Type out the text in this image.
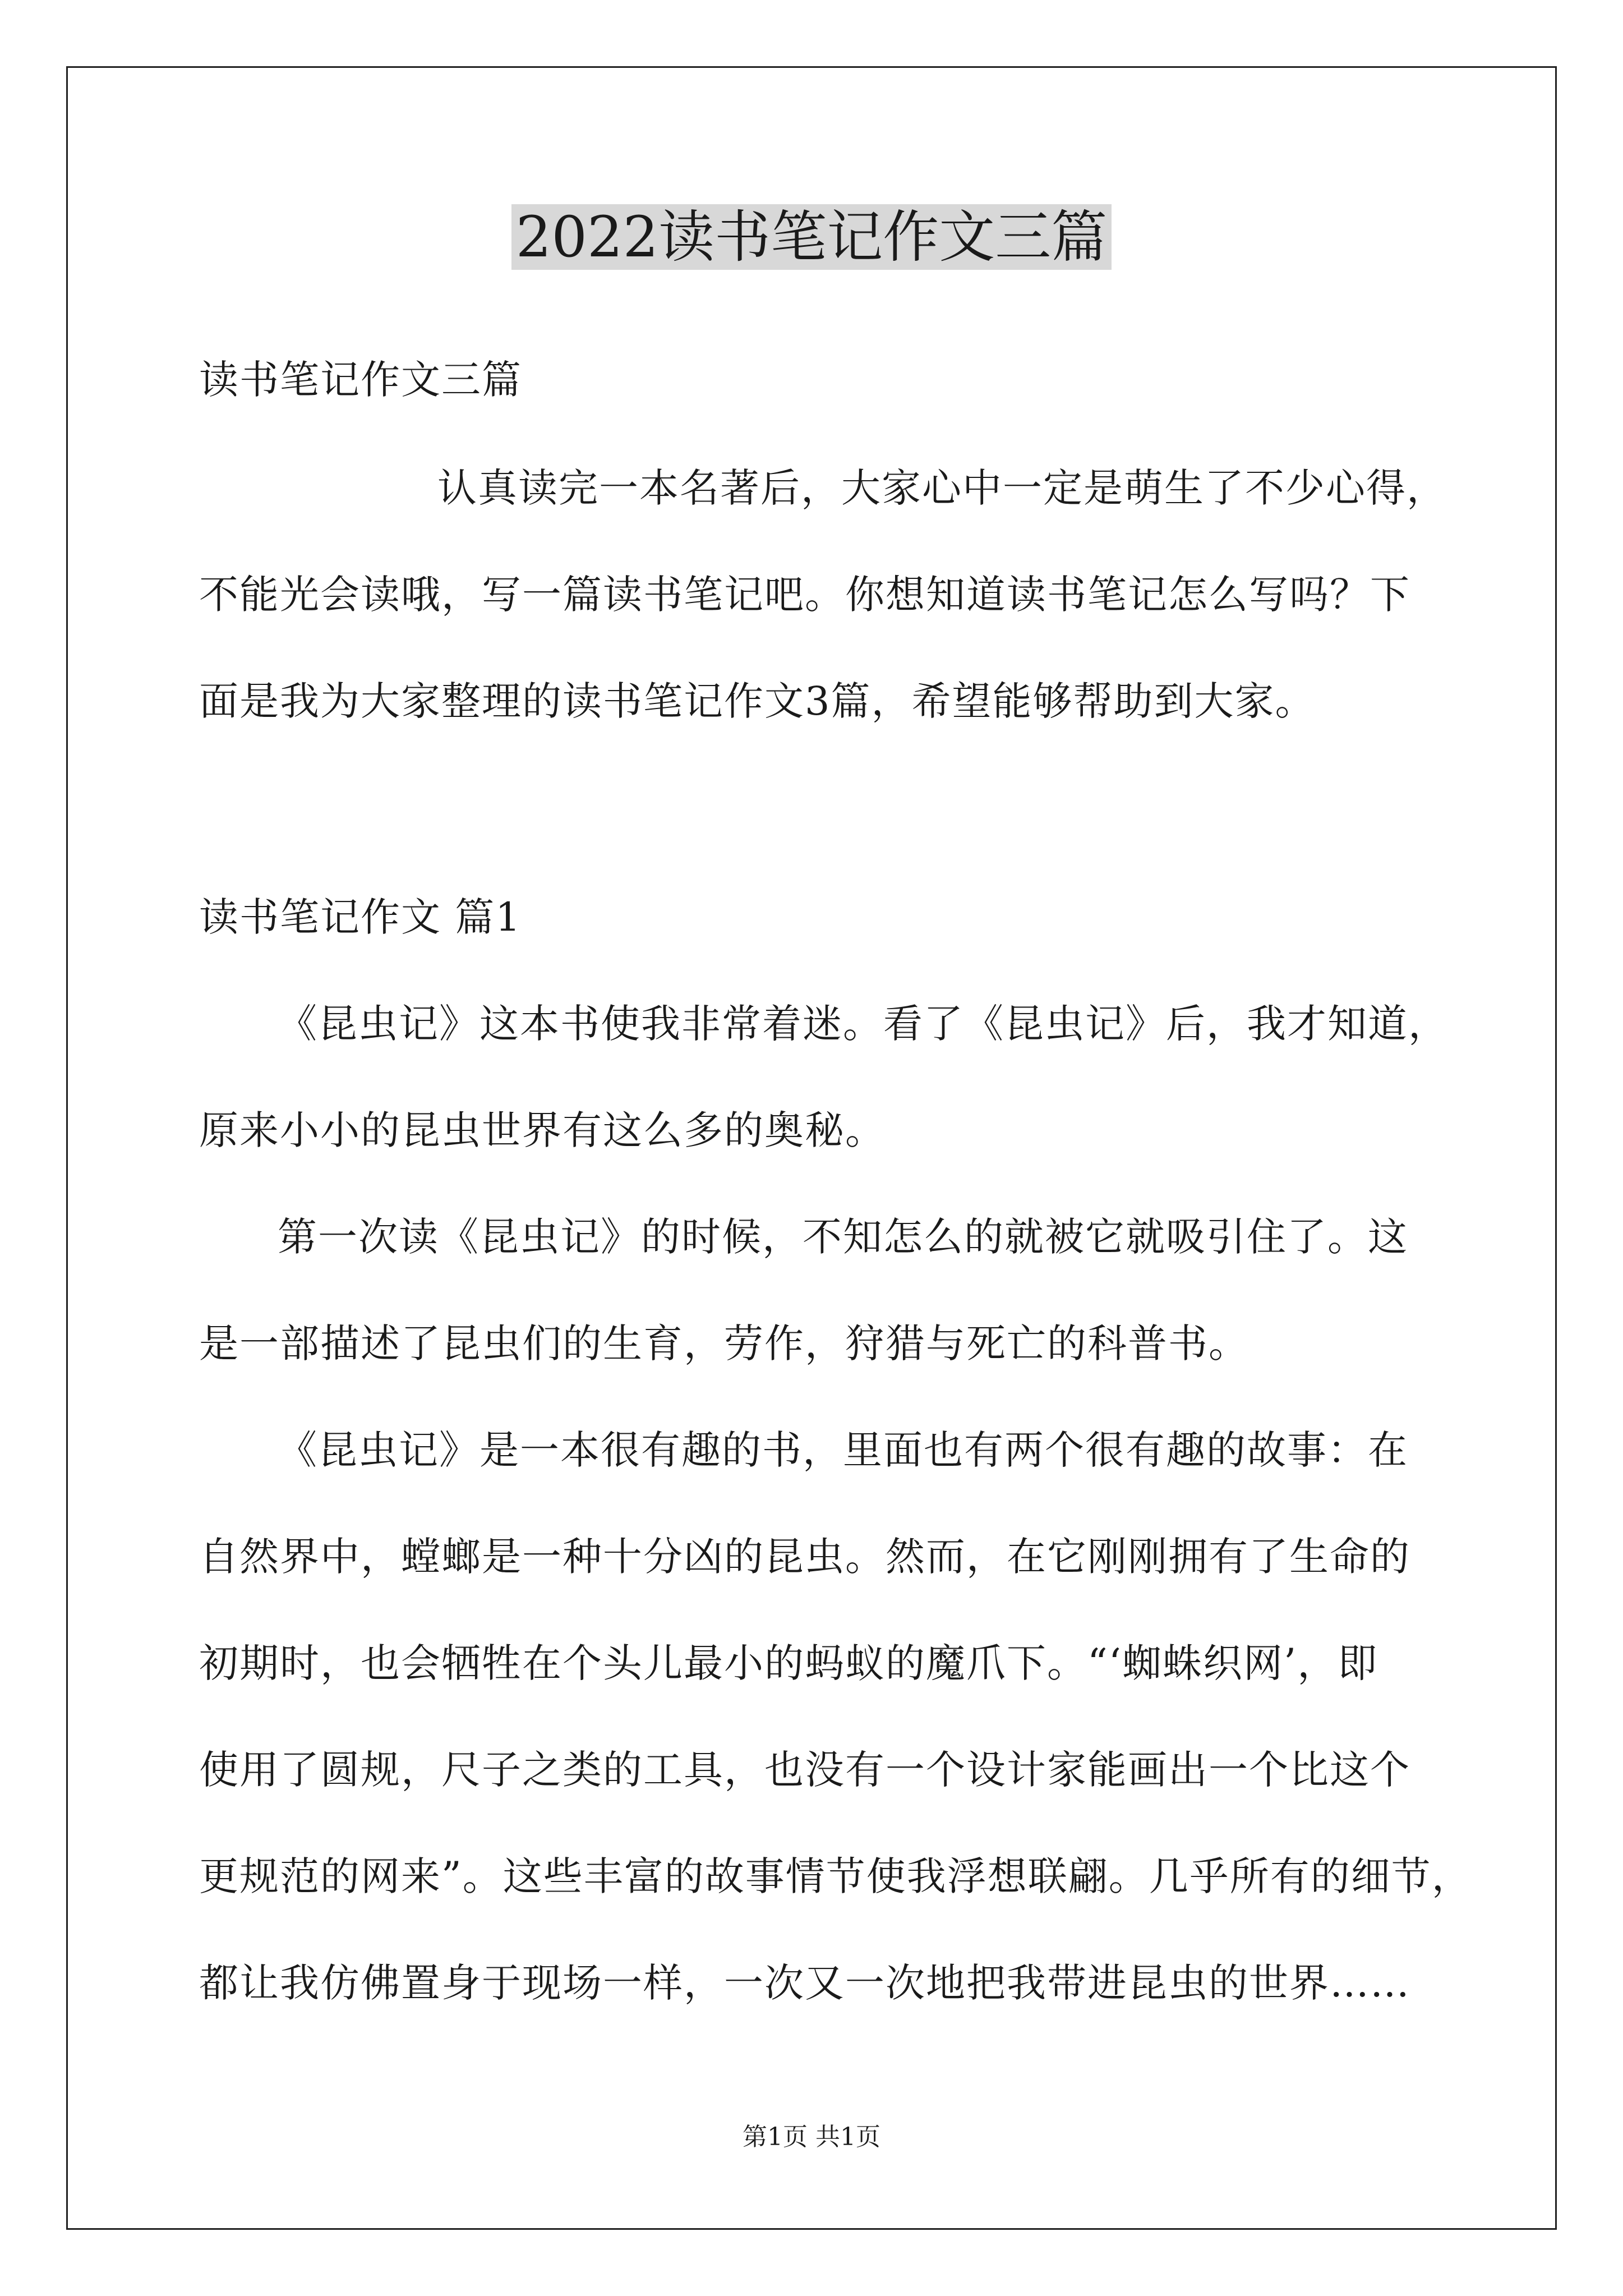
2022读书笔记作文三篇
读书笔记作文三篇
认真读完一本名著后，大家心中一定是萌生了不少心得，
不能光会读哦，写一篇读书笔记吧。你想知道读书笔记怎么写吗？下
面是我为大家整理的读书笔记作文3篇，希望能够帮助到大家。
读书笔记作文 篇1
《昆虫记》这本书使我非常着迷。看了《昆虫记》后，我才知道，
原来小小的昆虫世界有这么多的奥秘。
第一次读《昆虫记》的时候，不知怎么的就被它就吸引住了。这
是一部描述了昆虫们的生育，劳作，狩猎与死亡的科普书。
《昆虫记》是一本很有趣的书，里面也有两个很有趣的故事：在
自然界中，螳螂是一种十分凶的昆虫。然而，在它刚刚拥有了生命的
初期时，也会牺牲在个头儿最小的蚂蚁的魔爪下。“‘蜘蛛织网’，即
使用了圆规，尺子之类的工具，也没有一个设计家能画出一个比这个
更规范的网来”。这些丰富的故事情节使我浮想联翩。几乎所有的细节，
都让我仿佛置身于现场一样，一次又一次地把我带进昆虫的世界……
第1页 共1页
